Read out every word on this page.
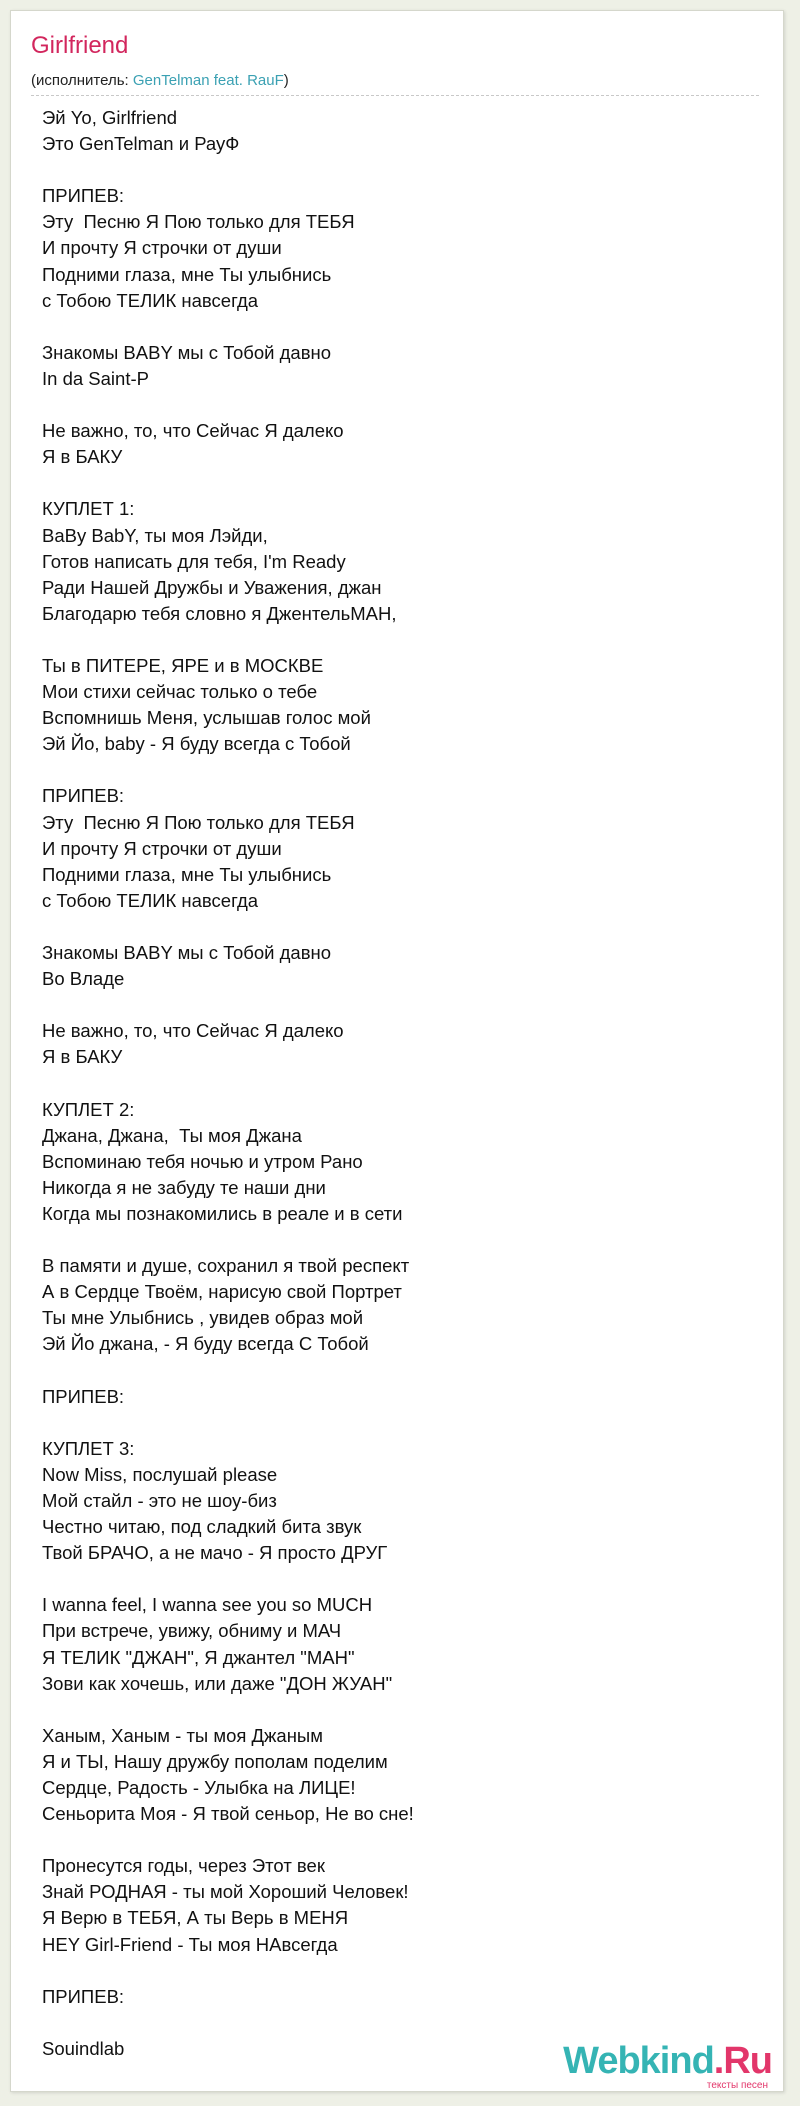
Girlfriend
(исполнитель: GenTelman feat. RauF)
Эй Yo, Girlfriend
Это GenTelman и РауФ

ПРИПЕВ:
Эту  Песню Я Пою только для ТЕБЯ
И прочту Я строчки от души
Подними глаза, мне Ты улыбнись
с Тобою ТЕЛИК навсегда

Знакомы BABY мы с Тобой давно
In da Saint-P

Не важно, то, что Сейчас Я далеко
Я в БАКУ

КУПЛЕТ 1:
BaBy BabY, ты моя Лэйди,
Готов написать для тебя, I'm Ready
Ради Нашей Дружбы и Уважения, джан
Благодарю тебя словно я ДжентельМАН,

Ты в ПИТЕРЕ, ЯРЕ и в МОСКВЕ
Мои стихи сейчас только о тебе
Вспомнишь Меня, услышав голос мой
Эй Йо, baby - Я буду всегда с Тобой

ПРИПЕВ:
Эту  Песню Я Пою только для ТЕБЯ
И прочту Я строчки от души
Подними глаза, мне Ты улыбнись
с Тобою ТЕЛИК навсегда

Знакомы BABY мы с Тобой давно
Во Владе

Не важно, то, что Сейчас Я далеко
Я в БАКУ

КУПЛЕТ 2:
Джана, Джана,  Ты моя Джана
Вспоминаю тебя ночью и утром Рано
Никогда я не забуду те наши дни
Когда мы познакомились в реале и в сети

В памяти и душе, сохранил я твой респект
А в Сердце Твоём, нарисую свой Портрет
Ты мне Улыбнись , увидев образ мой
Эй Йо джана, - Я буду всегда С Тобой

ПРИПЕВ:

КУПЛЕТ 3:
Now Miss, послушай please
Мой стайл - это не шоу-биз
Честно читаю, под сладкий бита звук
Твой БРАЧО, а не мачо - Я просто ДРУГ

I wanna feel, I wanna see you so MUCH
При встрече, увижу, обниму и МАЧ
Я ТЕЛИК "ДЖАН", Я джантел "МАН"
Зови как хочешь, или даже "ДОН ЖУАН"

Ханым, Ханым - ты моя Джаным
Я и ТЫ, Нашу дружбу пополам поделим
Сердце, Радость - Улыбка на ЛИЦЕ!
Сеньорита Моя - Я твой сеньор, Не во сне!

Пронесутся годы, через Этот век
Знай РОДНАЯ - ты мой Хороший Человек!
Я Верю в ТЕБЯ, А ты Верь в МЕНЯ
HEY Girl-Friend - Ты моя НАвсегда

ПРИПЕВ:

Souindlab	Webkind.Ru
тексты песен
